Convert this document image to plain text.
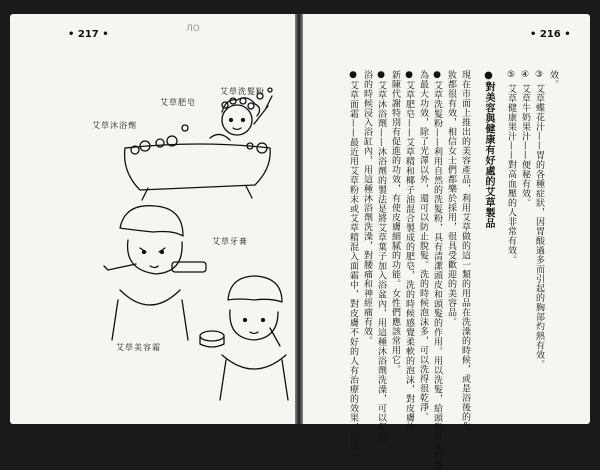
• 217 •	ЛО	• 216 •
艾草洗髮粉
艾草肥皂
艾草沐浴劑
艾草牙膏
艾草美容霜
效。
③ 艾草蝶花汁——胃的各種症狀，因胃酸過多而引起的胸部灼熱有效。
④ 艾草牛奶果汁——便秘有效。
⑤ 艾草健康果汁——對高血壓的人非常有效。
●對美容與健康有好處的艾草製品
現在市面上推出的美容產品，利用艾草做的這一類的用品在洗澡的時候，或是浴後的化
妝都很有效，相信女士們都樂於採用，很具受歡迎的美容品。
●艾草洗髮粉——利用自然的洗髮粉，具有清潔頭皮和頭髮的作用。用以洗髮，給頭髮帶來營養
為最大功效，除了光澤以外，還可以防止脫髮。洗的時候泡沫多，可以洗得很乾淨。
●艾草肥皂——艾草精和椰子油混合製成的肥皂，洗的時候感覺柔軟的泡沫，對皮膚的
新陳代謝特別有促進的功效，有使皮膚細膩的功能。女性們應該常用它。
●艾草沐浴劑——沐浴劑的製法是將艾草葉子加入浴盆內，用這種沐浴劑洗澡，可以保溫，
浴的時候浸入浴缸內，用這種沐浴劑洗澡，對腰痛和神經痛有效。
●艾草面霜——最近用艾草粉末或艾草精混入面霜中，對皮膚不好的人有治療的效果，但這
